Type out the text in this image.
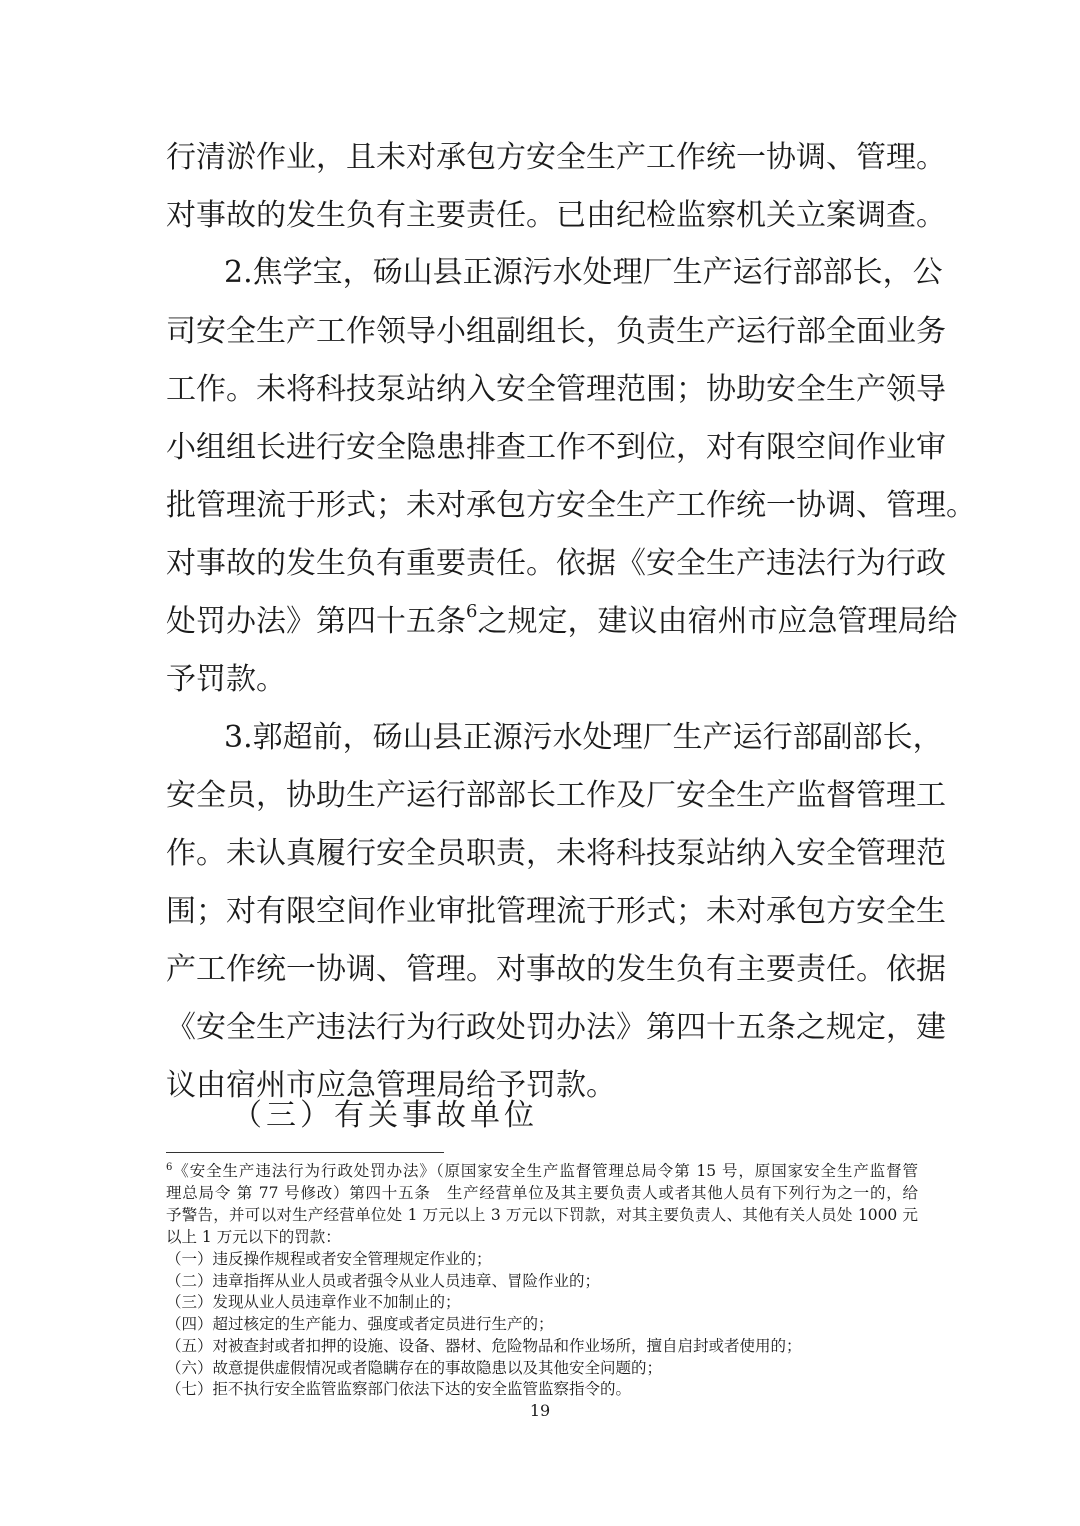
行清淤作业，且未对承包方安全生产工作统一协调、管理。
对事故的发生负有主要责任。已由纪检监察机关立案调查。
2.焦学宝，砀山县正源污水处理厂生产运行部部长，公
司安全生产工作领导小组副组长，负责生产运行部全面业务
工作。未将科技泵站纳入安全管理范围；协助安全生产领导
小组组长进行安全隐患排查工作不到位，对有限空间作业审
批管理流于形式；未对承包方安全生产工作统一协调、管理。
对事故的发生负有重要责任。依据《安全生产违法行为行政
处罚办法》第四十五条$^6$之规定，建议由宿州市应急管理局给
予罚款。
3.郭超前，砀山县正源污水处理厂生产运行部副部长，
安全员，协助生产运行部部长工作及厂安全生产监督管理工
作。未认真履行安全员职责，未将科技泵站纳入安全管理范
围；对有限空间作业审批管理流于形式；未对承包方安全生
产工作统一协调、管理。对事故的发生负有主要责任。依据
《安全生产违法行为行政处罚办法》第四十五条之规定，建
议由宿州市应急管理局给予罚款。
（三）有关事故单位
$^6$《安全生产违法行为行政处罚办法》（原国家安全生产监督管理总局令第 15 号，原国家安全生产监督管
理总局令 第 77 号修改）第四十五条　生产经营单位及其主要负责人或者其他人员有下列行为之一的，给
予警告，并可以对生产经营单位处 1 万元以上 3 万元以下罚款，对其主要负责人、其他有关人员处 1000 元
以上 1 万元以下的罚款：
（一）违反操作规程或者安全管理规定作业的；
（二）违章指挥从业人员或者强令从业人员违章、冒险作业的；
（三）发现从业人员违章作业不加制止的；
（四）超过核定的生产能力、强度或者定员进行生产的；
（五）对被查封或者扣押的设施、设备、器材、危险物品和作业场所，擅自启封或者使用的；
（六）故意提供虚假情况或者隐瞒存在的事故隐患以及其他安全问题的；
（七）拒不执行安全监管监察部门依法下达的安全监管监察指令的。
19
